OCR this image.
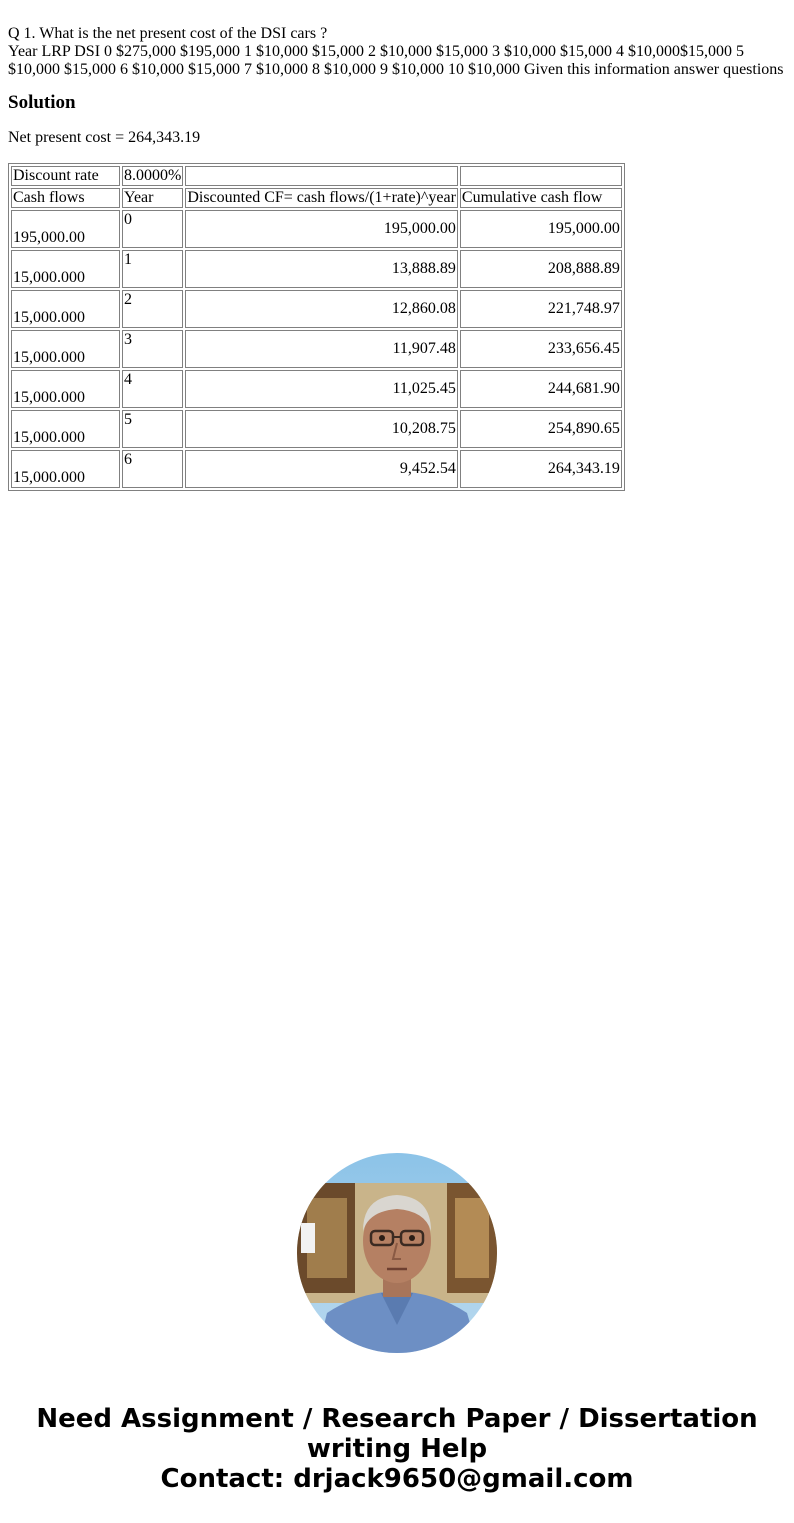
Q 1. What is the net present cost of the DSI cars ?
Year LRP DSI 0 $275,000 $195,000 1 $10,000 $15,000 2 $10,000 $15,000 3 $10,000 $15,000 4 $10,000$15,000 5 $10,000 $15,000 6 $10,000 $15,000 7 $10,000 8 $10,000 9 $10,000 10 $10,000 Given this information answer questions
Solution
Net present cost = 264,343.19
Discount rate	8.0000%		
Cash flows	Year	Discounted CF= cash flows/(1+rate)^year	Cumulative cash flow
195,000.00	0	195,000.00	195,000.00
15,000.000	1	13,888.89	208,888.89
15,000.000	2	12,860.08	221,748.97
15,000.000	3	11,907.48	233,656.45
15,000.000	4	11,025.45	244,681.90
15,000.000	5	10,208.75	254,890.65
15,000.000	6	9,452.54	264,343.19
Need Assignment / Research Paper / Dissertation
writing Help
Contact: drjack9650@gmail.com
